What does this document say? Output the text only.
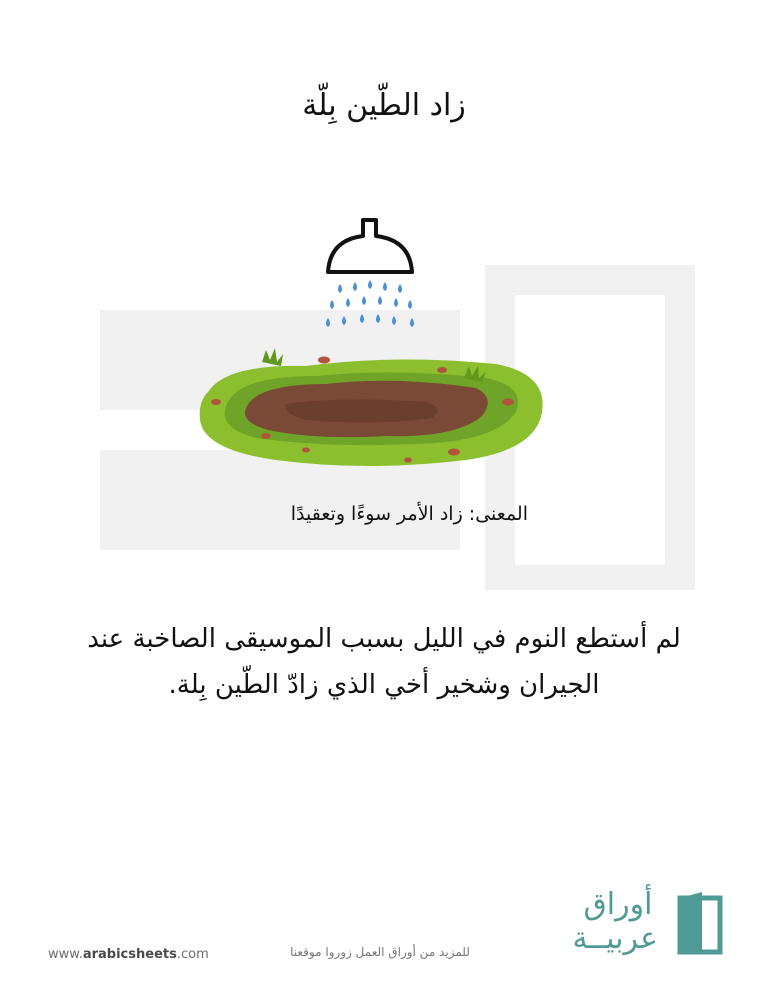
زاد الطّين بِلّة
المعنى: زاد الأمر سوءًا وتعقيدًا
لم أستطع النوم في الليل بسبب الموسيقى الصاخبة عند الجيران وشخير أخي الذي زادّ الطّين بِلة.
www.arabicsheets.com	للمزيد من أوراق العمل زوروا موقعنا
أوراق
عربيــة
